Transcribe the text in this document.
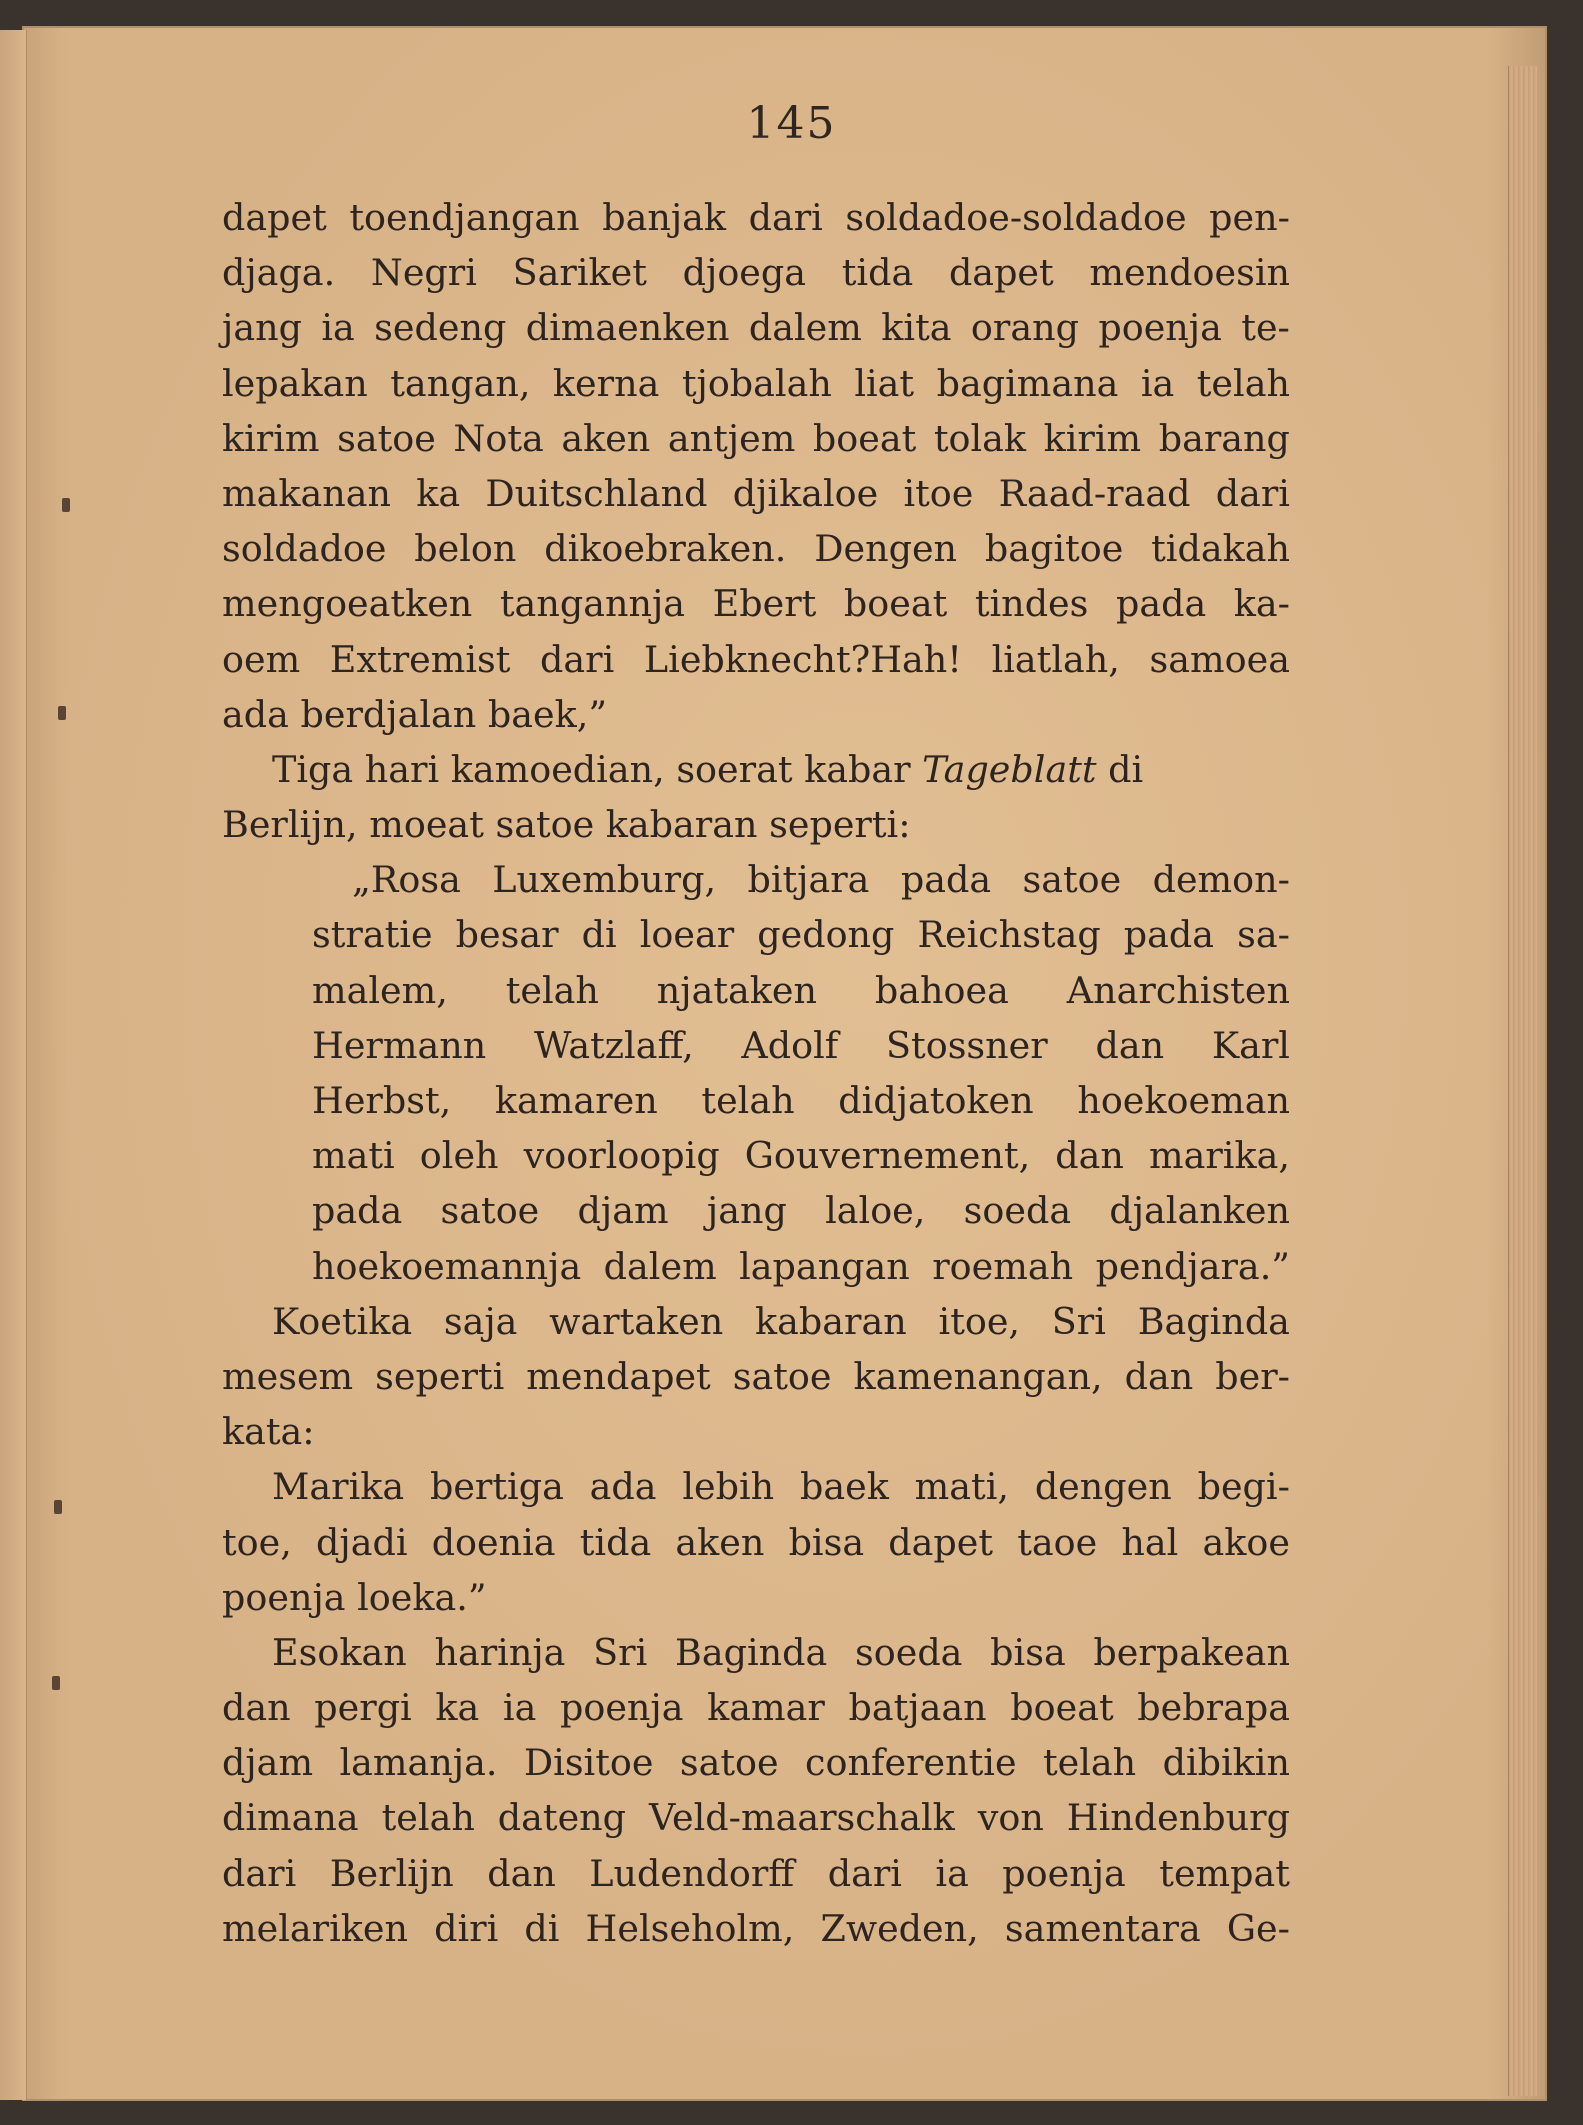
145
dapet toendjangan banjak dari soldadoe-soldadoe pen-
djaga. Negri Sariket djoega tida dapet mendoesin
jang ia sedeng dimaenken dalem kita orang poenja te-
lepakan tangan, kerna tjobalah liat bagimana ia telah
kirim satoe Nota aken antjem boeat tolak kirim barang
makanan ka Duitschland djikaloe itoe Raad-raad dari
soldadoe belon dikoebraken. Dengen bagitoe tidakah
mengoeatken tangannja Ebert boeat tindes pada ka-
oem Extremist dari Liebknecht?Hah! liatlah, samoea
ada berdjalan baek,”
Tiga hari kamoedian, soerat kabar Tageblatt di
Berlijn, moeat satoe kabaran seperti:
„Rosa Luxemburg, bitjara pada satoe demon-
stratie besar di loear gedong Reichstag pada sa-
malem, telah njataken bahoea Anarchisten
Hermann Watzlaff, Adolf Stossner dan Karl
Herbst, kamaren telah didjatoken hoekoeman
mati oleh voorloopig Gouvernement, dan marika,
pada satoe djam jang laloe, soeda djalanken
hoekoemannja dalem lapangan roemah pendjara.”
Koetika saja wartaken kabaran itoe, Sri Baginda
mesem seperti mendapet satoe kamenangan, dan ber-
kata:
Marika bertiga ada lebih baek mati, dengen begi-
toe, djadi doenia tida aken bisa dapet taoe hal akoe
poenja loeka.”
Esokan harinja Sri Baginda soeda bisa berpakean
dan pergi ka ia poenja kamar batjaan boeat bebrapa
djam lamanja. Disitoe satoe conferentie telah dibikin
dimana telah dateng Veld-maarschalk von Hindenburg
dari Berlijn dan Ludendorff dari ia poenja tempat
melariken diri di Helseholm, Zweden, samentara Ge-
